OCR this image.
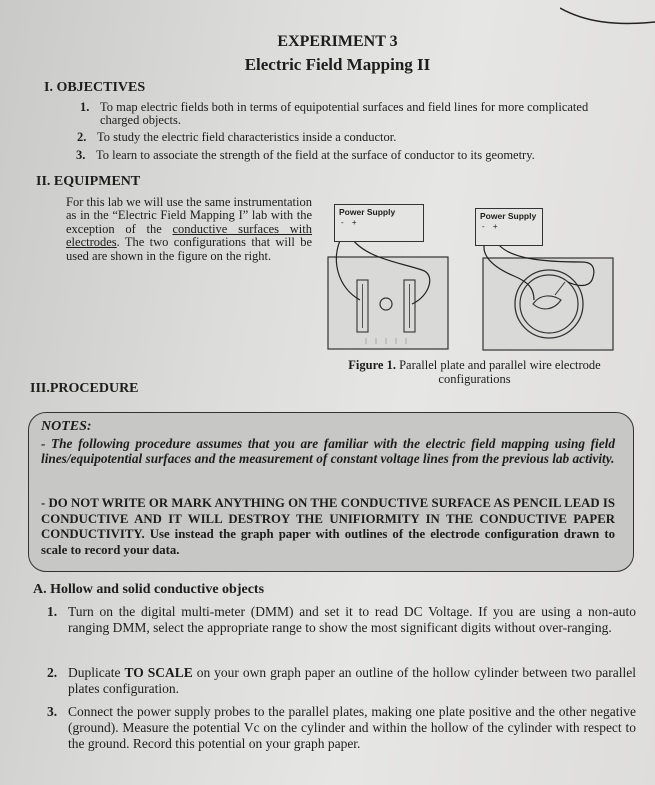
EXPERIMENT 3
Electric Field Mapping II
I. OBJECTIVES

1. To map electric fields both in terms of equipotential surfaces and field lines for more complicated charged objects.

2. To study the electric field characteristics inside a conductor.

3. To learn to associate the strength of the field at the surface of conductor to its geometry.

II. EQUIPMENT

For this lab we will use the same instrumentation as in the “Electric Field Mapping I” lab with the exception of the conductive surfaces with electrodes. The two configurations that will be used are shown in the figure on the right.

Power Supply
- +
Power Supply
- +

Figure 1. Parallel plate and parallel wire electrode configurations

III.PROCEDURE

NOTES:

- The following procedure assumes that you are familiar with the electric field mapping using field lines/equipotential surfaces and the measurement of constant voltage lines from the previous lab activity.

- DO NOT WRITE OR MARK ANYTHING ON THE CONDUCTIVE SURFACE AS PENCIL LEAD IS CONDUCTIVE AND IT WILL DESTROY THE UNIFIORMITY IN THE CONDUCTIVE PAPER CONDUCTIVITY. Use instead the graph paper with outlines of the electrode configuration drawn to scale to record your data.

A. Hollow and solid conductive objects

1. Turn on the digital multi-meter (DMM) and set it to read DC Voltage. If you are using a non-auto ranging DMM, select the appropriate range to show the most significant digits without over-ranging.

2. Duplicate TO SCALE on your own graph paper an outline of the hollow cylinder between two parallel plates configuration.

3. Connect the power supply probes to the parallel plates, making one plate positive and the other negative (ground). Measure the potential Vc on the cylinder and within the hollow of the cylinder with respect to the ground. Record this potential on your graph paper.
